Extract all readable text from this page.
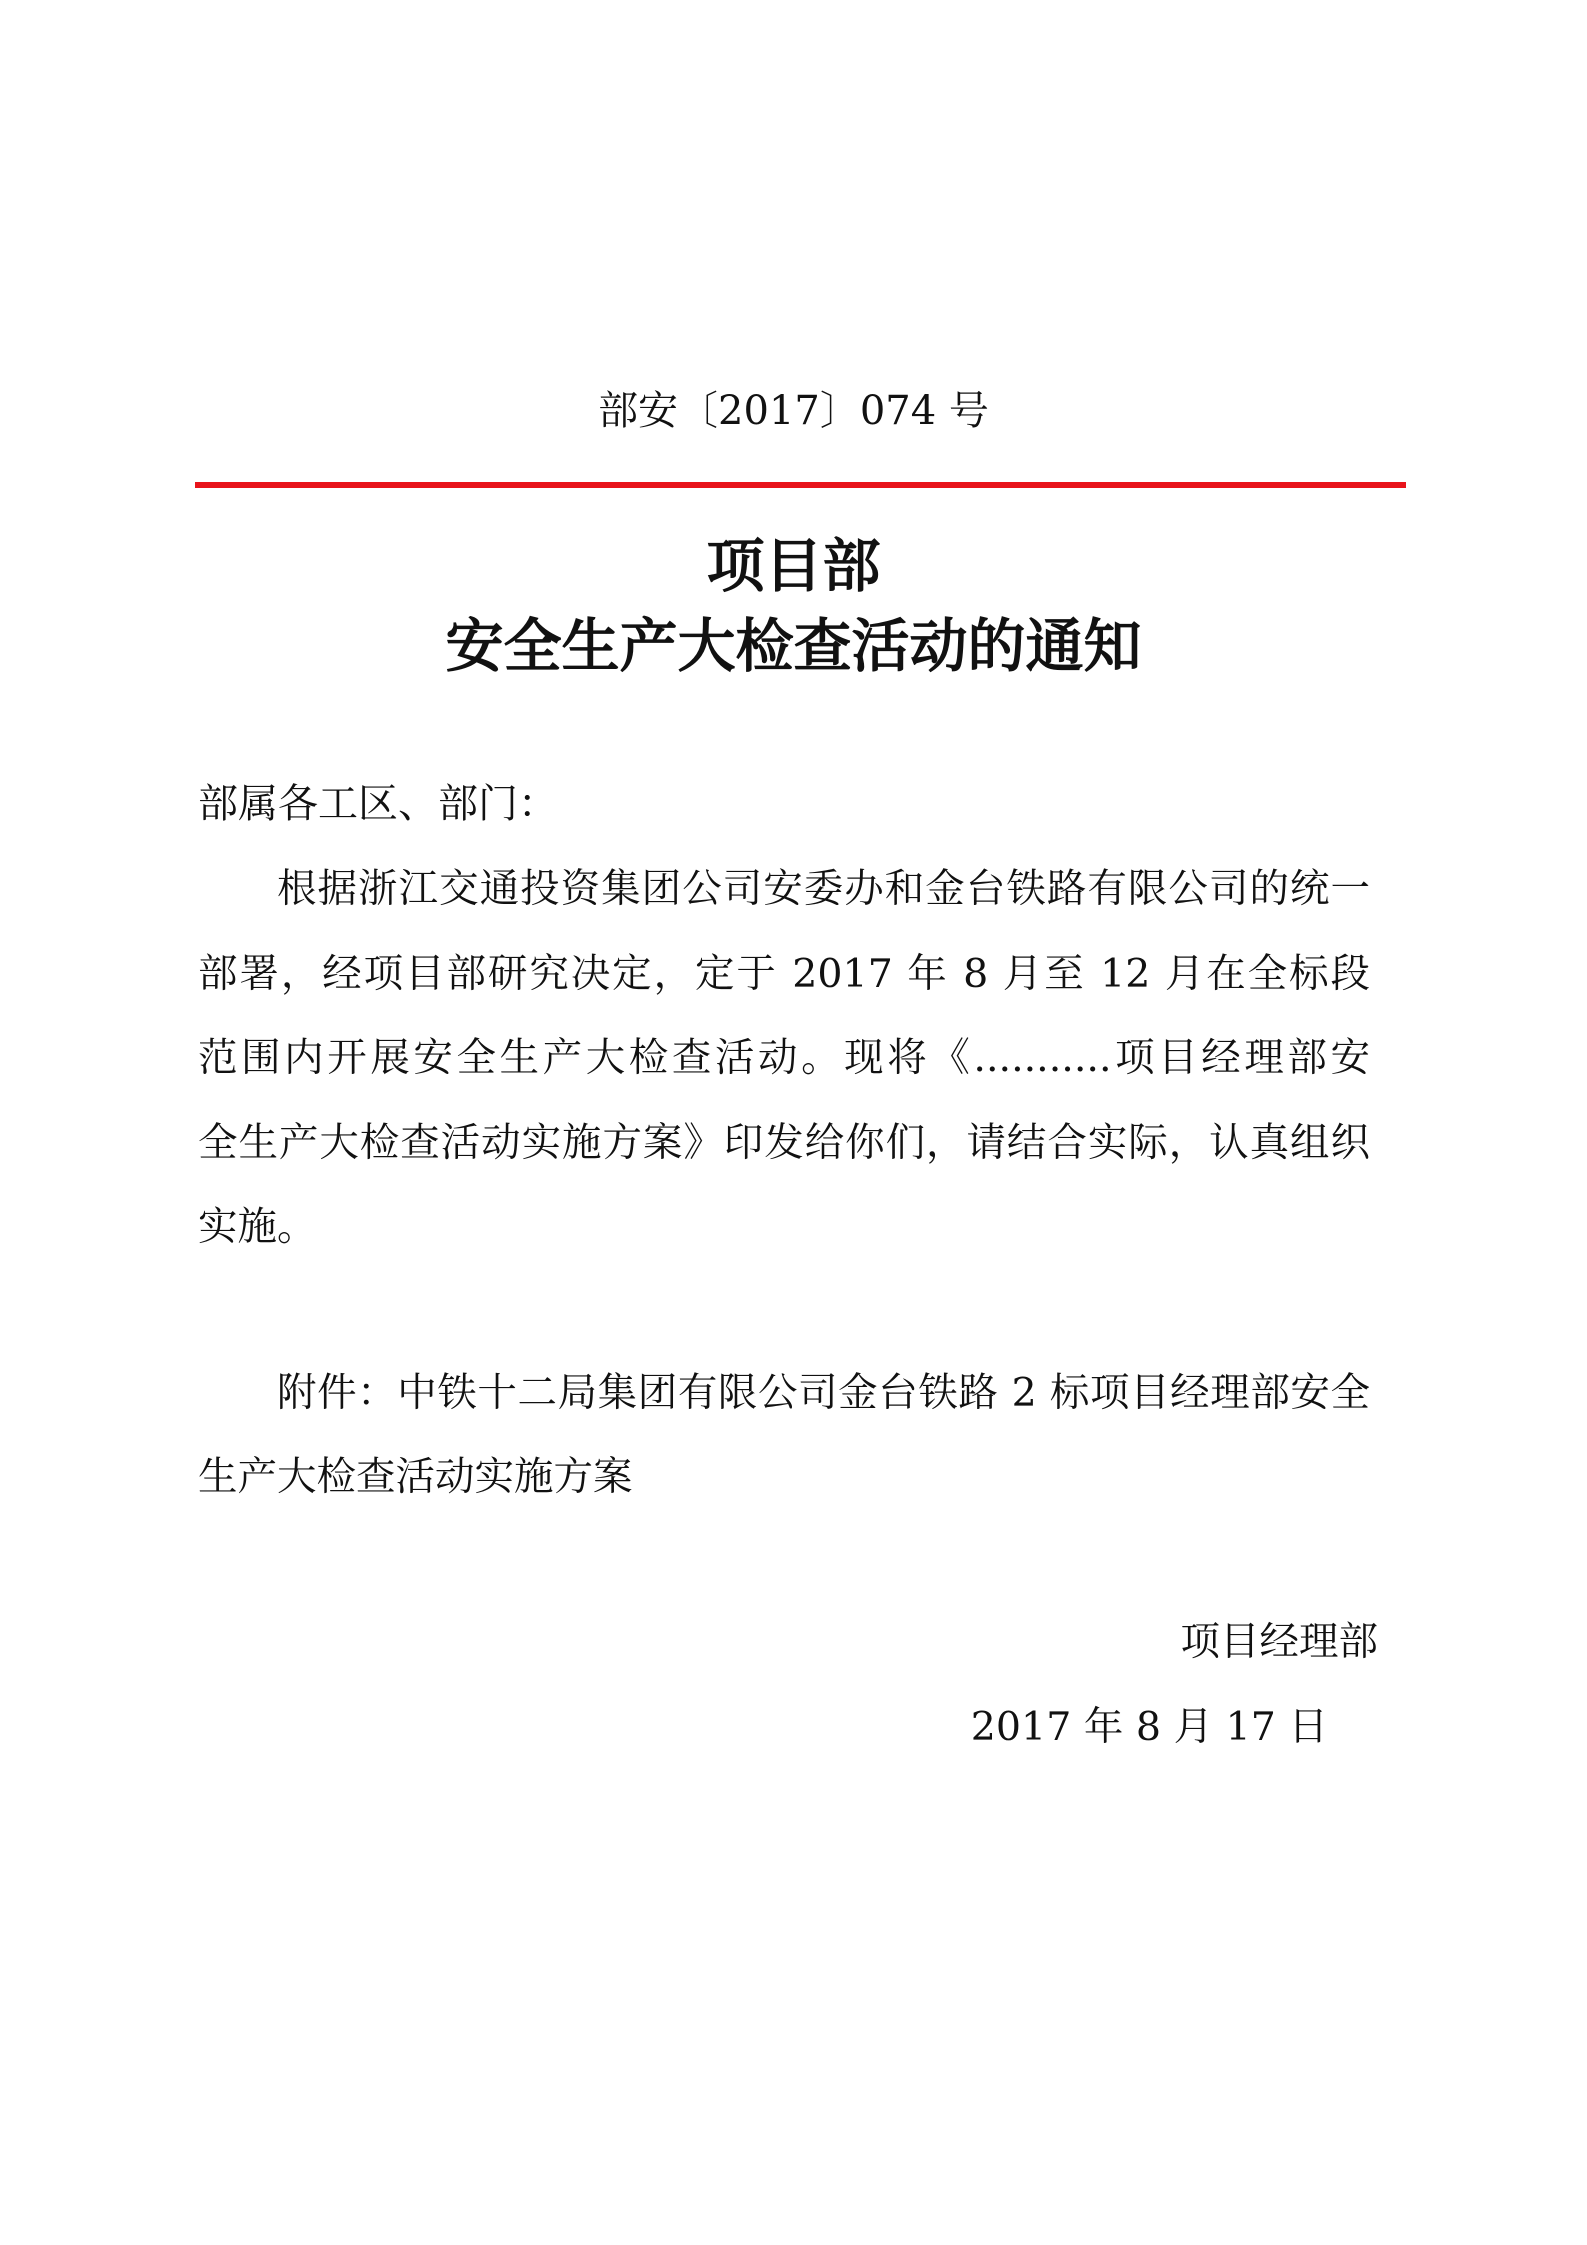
部安〔2017〕074 号
项目部
安全生产大检查活动的通知
部属各工区、部门：
根据浙江交通投资集团公司安委办和金台铁路有限公司的统一
部署，经项目部研究决定，定于 2017 年 8 月至 12 月在全标段
范围内开展安全生产大检查活动。现将《...........项目经理部安
全生产大检查活动实施方案》印发给你们，请结合实际，认真组织
实施。
附件：中铁十二局集团有限公司金台铁路 2 标项目经理部安全
生产大检查活动实施方案
项目经理部
2017 年 8 月 17 日
